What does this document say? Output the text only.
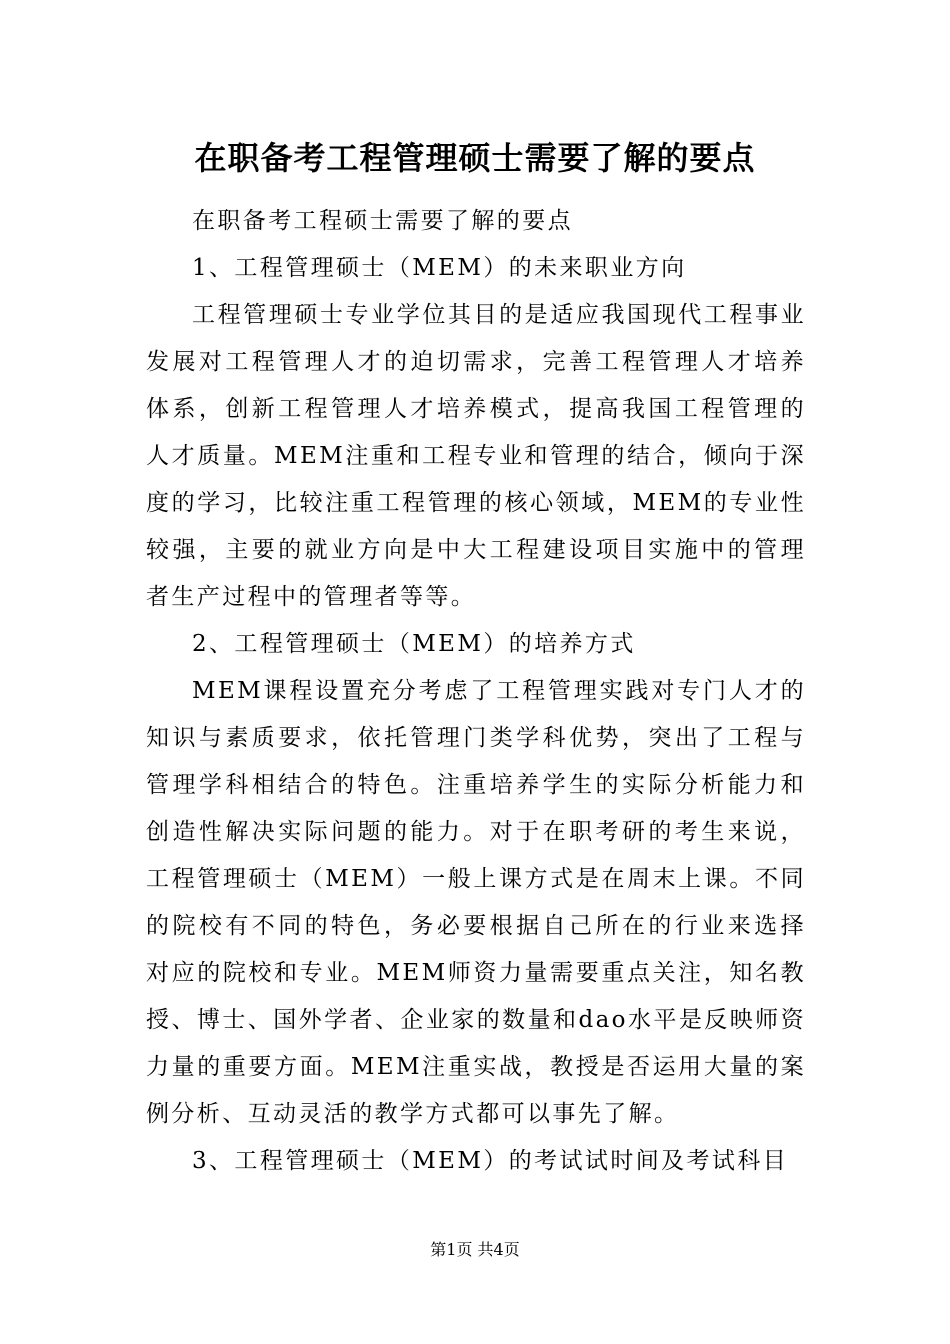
在职备考工程管理硕士需要了解的要点

在职备考工程硕士需要了解的要点

1、工程管理硕士（MEM）的未来职业方向

工程管理硕士专业学位其目的是适应我国现代工程事业发展对工程管理人才的迫切需求，完善工程管理人才培养体系，创新工程管理人才培养模式，提高我国工程管理的人才质量。MEM注重和工程专业和管理的结合，倾向于深度的学习，比较注重工程管理的核心领域，MEM的专业性较强，主要的就业方向是中大工程建设项目实施中的管理者生产过程中的管理者等等。

2、工程管理硕士（MEM）的培养方式

MEM课程设置充分考虑了工程管理实践对专门人才的知识与素质要求，依托管理门类学科优势，突出了工程与管理学科相结合的特色。注重培养学生的实际分析能力和创造性解决实际问题的能力。对于在职考研的考生来说，工程管理硕士（MEM）一般上课方式是在周末上课。不同的院校有不同的特色，务必要根据自己所在的行业来选择对应的院校和专业。MEM师资力量需要重点关注，知名教授、博士、国外学者、企业家的数量和dao水平是反映师资力量的重要方面。MEM注重实战，教授是否运用大量的案例分析、互动灵活的教学方式都可以事先了解。

3、工程管理硕士（MEM）的考试试时间及考试科目

第1页 共4页
